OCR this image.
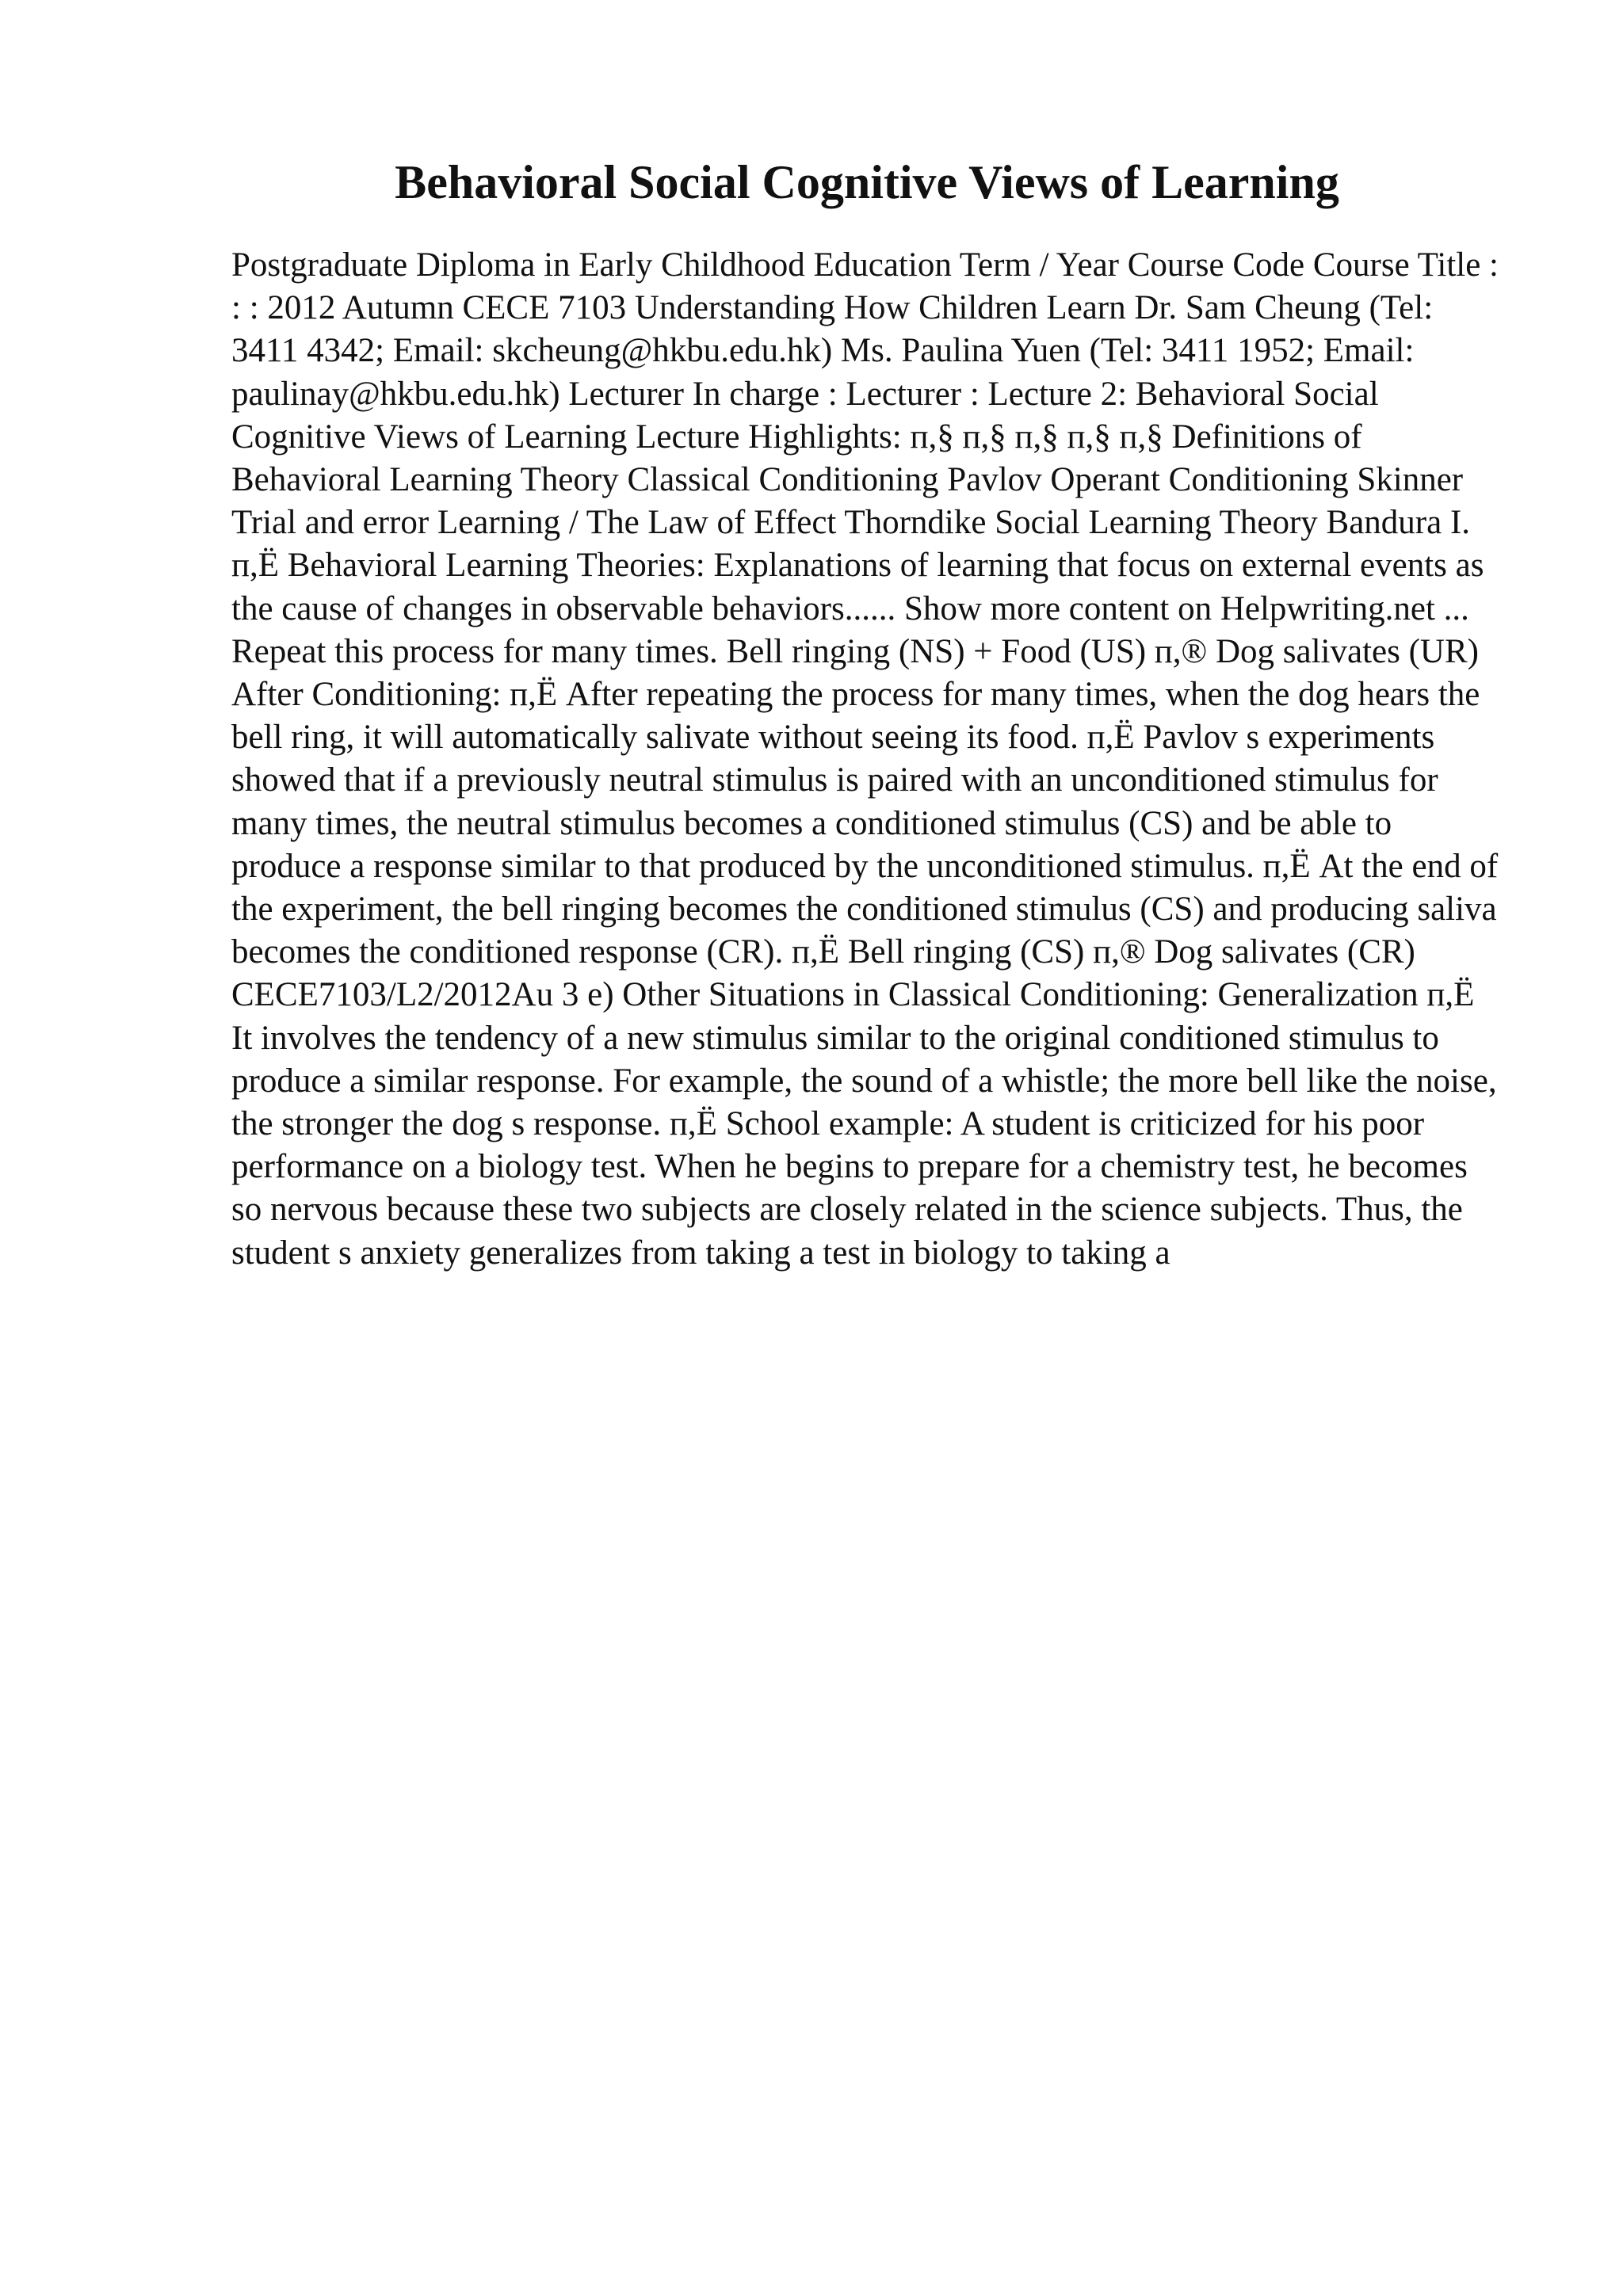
Behavioral Social Cognitive Views of Learning

Postgraduate Diploma in Early Childhood Education Term / Year Course Code Course Title : : : 2012 Autumn CECE 7103 Understanding How Children Learn Dr. Sam Cheung (Tel: 3411 4342; Email: skcheung@hkbu.edu.hk) Ms. Paulina Yuen (Tel: 3411 1952; Email: paulinay@hkbu.edu.hk) Lecturer In charge : Lecturer : Lecture 2: Behavioral Social Cognitive Views of Learning Lecture Highlights: п,§ п,§ п,§ п,§ п,§ Definitions of Behavioral Learning Theory Classical Conditioning Pavlov Operant Conditioning Skinner Trial and error Learning / The Law of Effect Thorndike Social Learning Theory Bandura I. п,Ё Behavioral Learning Theories: Explanations of learning that focus on external events as the cause of changes in observable behaviors...... Show more content on Helpwriting.net ...

Repeat this process for many times. Bell ringing (NS) + Food (US) п,® Dog salivates (UR) After Conditioning: п,Ё After repeating the process for many times, when the dog hears the bell ring, it will automatically salivate without seeing its food. п,Ё Pavlov s experiments showed that if a previously neutral stimulus is paired with an unconditioned stimulus for many times, the neutral stimulus becomes a conditioned stimulus (CS) and be able to produce a response similar to that produced by the unconditioned stimulus. п,Ё At the end of the experiment, the bell ringing becomes the conditioned stimulus (CS) and producing saliva becomes the conditioned response (CR). п,Ё Bell ringing (CS) п,® Dog salivates (CR) CECE7103/L2/2012Au 3 e) Other Situations in Classical Conditioning: Generalization п,Ё It involves the tendency of a new stimulus similar to the original conditioned stimulus to produce a similar response. For example, the sound of a whistle; the more bell like the noise, the stronger the dog s response. п,Ё School example: A student is criticized for his poor performance on a biology test. When he begins to prepare for a chemistry test, he becomes so nervous because these two subjects are closely related in the science subjects. Thus, the student s anxiety generalizes from taking a test in biology to taking a
